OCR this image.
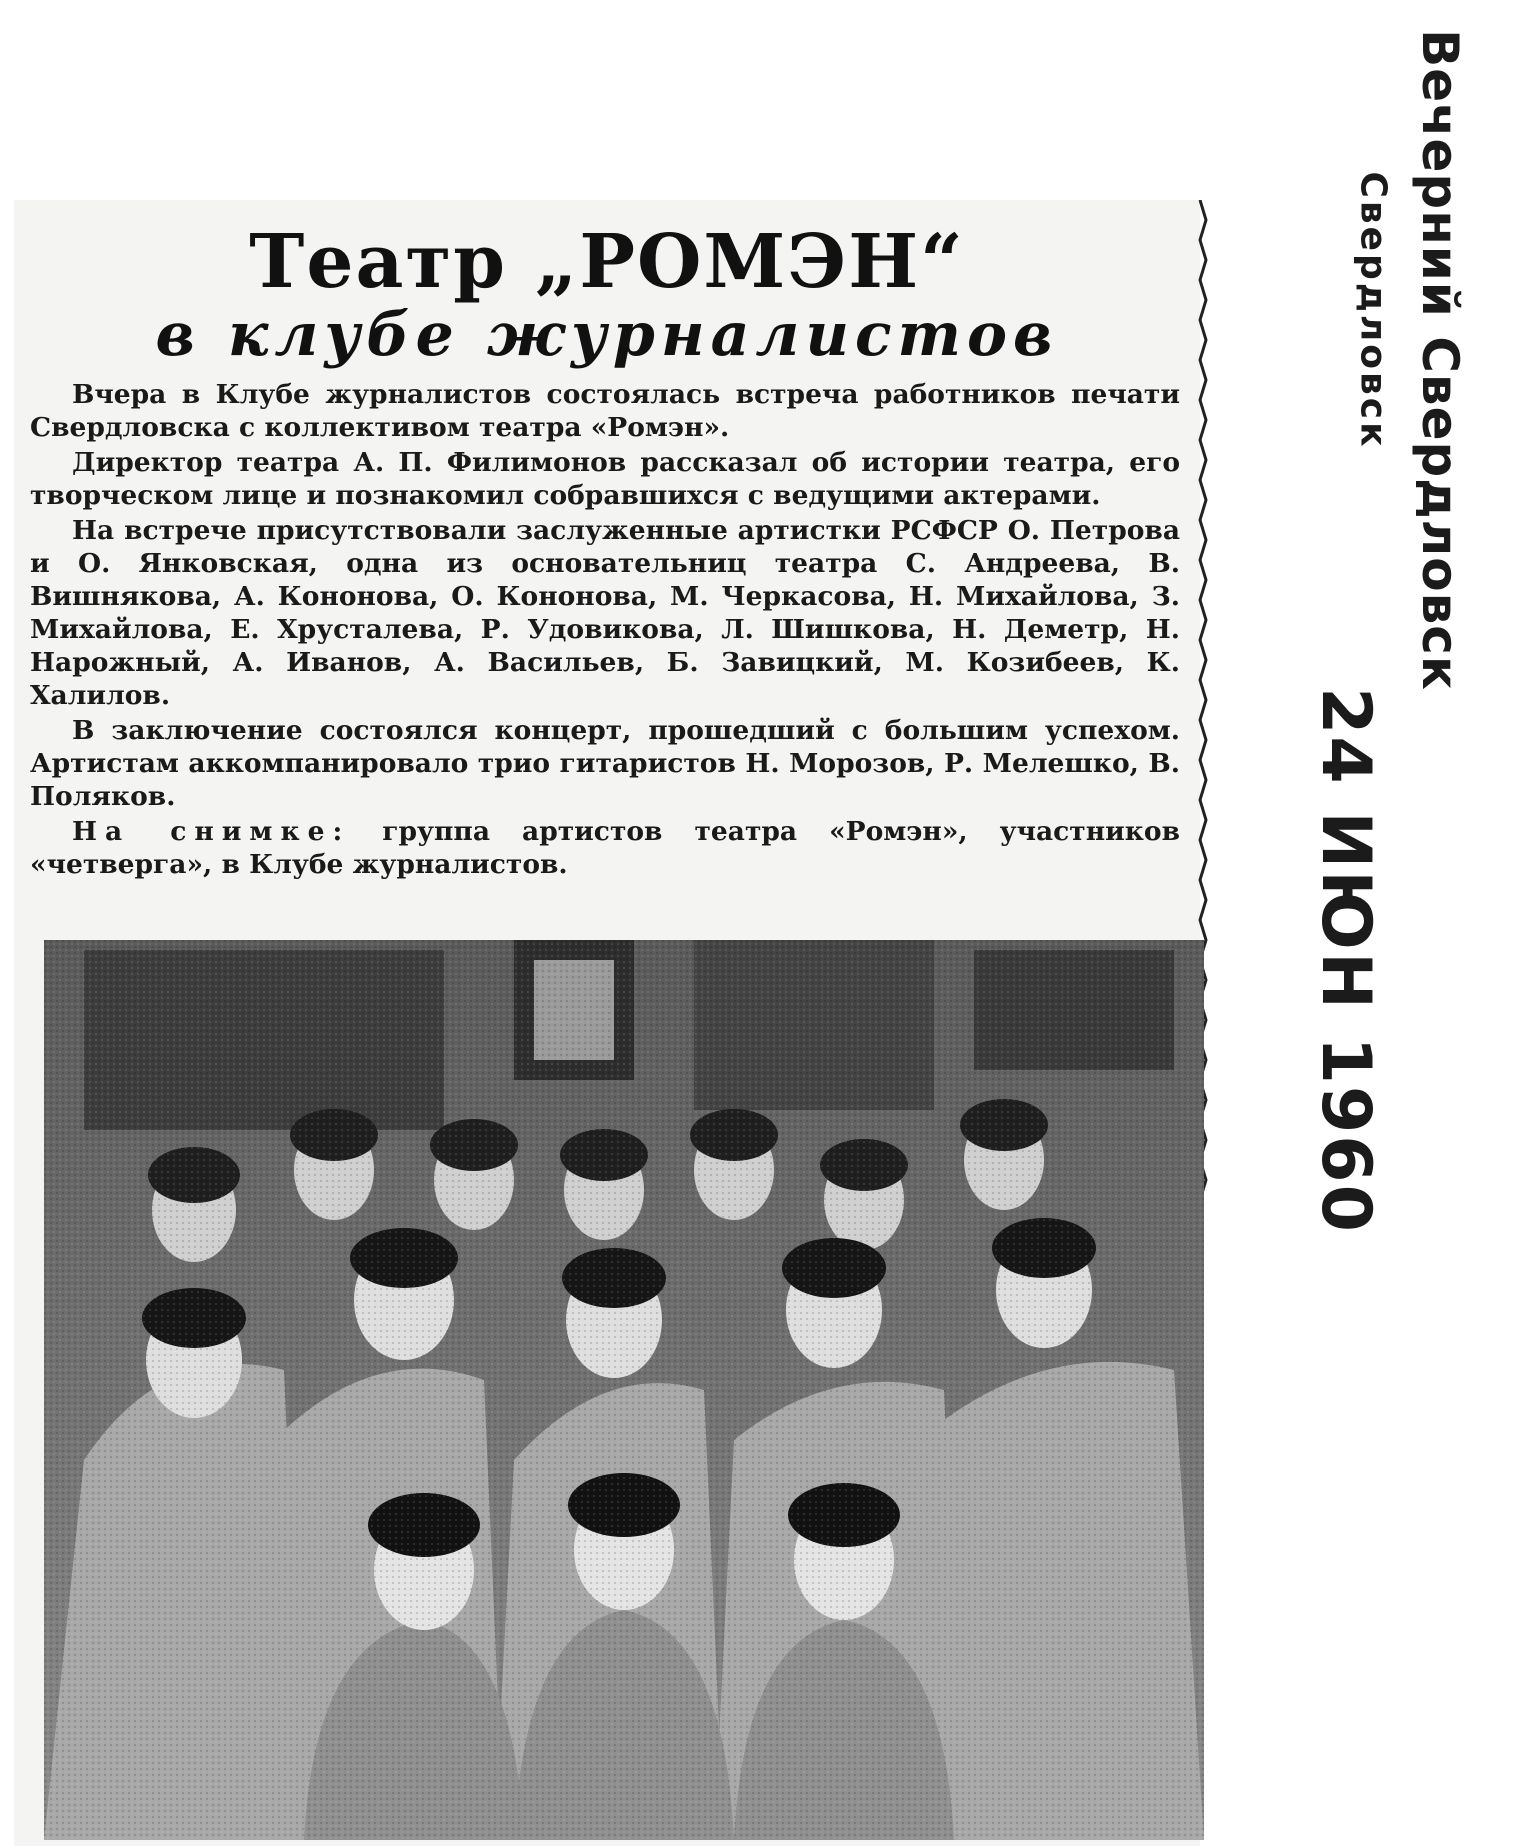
Театр „РОМЭН“
в клубе журналистов

Вчера в Клубе журналистов состоялась встреча работников печати Свердловска с коллективом театра «Ромэн».

Директор театра А. П. Филимонов рассказал об истории театра, его творческом лице и познакомил собравшихся с ведущими актерами.

На встрече присутствовали заслуженные артистки РСФСР О. Петрова и О. Янковская, одна из основательниц театра С. Андреева, В. Вишнякова, А. Кононова, О. Кононова, М. Черкасова, Н. Михайлова, З. Михайлова, Е. Хрусталева, Р. Удовикова, Л. Шишкова, Н. Деметр, Н. Нарожный, А. Иванов, А. Васильев, Б. Завицкий, М. Козибеев, К. Халилов.

В заключение состоялся концерт, прошедший с большим успехом. Артистам аккомпанировало трио гитаристов Н. Морозов, Р. Мелешко, В. Поляков.

На снимке: группа артистов театра «Ромэн», участников «четверга», в Клубе журналистов.

Вечерний Свердловск
Свердловск
24 ИЮН 1960
